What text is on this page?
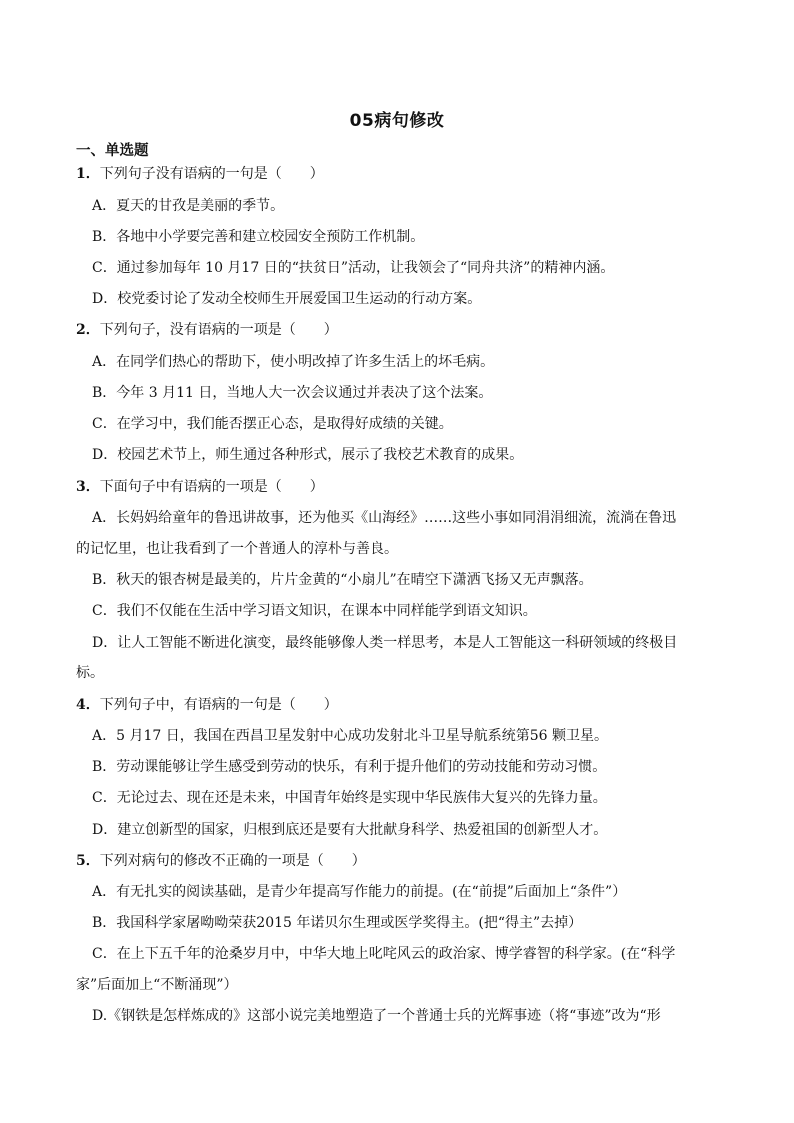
05病句修改
一、单选题
1．下列句子没有语病的一句是（　　）
A．夏天的甘孜是美丽的季节。
B．各地中小学要完善和建立校园安全预防工作机制。
C．通过参加每年 10 月17 日的“扶贫日”活动，让我领会了“同舟共济”的精神内涵。
D．校党委讨论了发动全校师生开展爱国卫生运动的行动方案。
2．下列句子，没有语病的一项是（　　）
A．在同学们热心的帮助下，使小明改掉了许多生活上的坏毛病。
B．今年 3 月11 日，当地人大一次会议通过并表决了这个法案。
C．在学习中，我们能否摆正心态，是取得好成绩的关键。
D．校园艺术节上，师生通过各种形式，展示了我校艺术教育的成果。
3．下面句子中有语病的一项是（　　）
A．长妈妈给童年的鲁迅讲故事，还为他买《山海经》……这些小事如同涓涓细流，流淌在鲁迅
的记忆里，也让我看到了一个普通人的淳朴与善良。
B．秋天的银杏树是最美的，片片金黄的“小扇儿”在晴空下潇洒飞扬又无声飘落。
C．我们不仅能在生活中学习语文知识，在课本中同样能学到语文知识。
D．让人工智能不断进化演变，最终能够像人类一样思考，本是人工智能这一科研领域的终极目
标。
4．下列句子中，有语病的一句是（　　）
A．5 月17 日，我国在西昌卫星发射中心成功发射北斗卫星导航系统第56 颗卫星。
B．劳动课能够让学生感受到劳动的快乐，有利于提升他们的劳动技能和劳动习惯。
C．无论过去、现在还是未来，中国青年始终是实现中华民族伟大复兴的先锋力量。
D．建立创新型的国家，归根到底还是要有大批献身科学、热爱祖国的创新型人才。
5．下列对病句的修改不正确的一项是（　　）
A．有无扎实的阅读基础，是青少年提高写作能力的前提。(在“前提”后面加上“条件”）
B．我国科学家屠呦呦荣获2015 年诺贝尔生理或医学奖得主。(把“得主”去掉）
C．在上下五千年的沧桑岁月中，中华大地上叱咤风云的政治家、博学睿智的科学家。(在“科学
家”后面加上“不断涌现”）
D.《钢铁是怎样炼成的》这部小说完美地塑造了一个普通士兵的光辉事迹（将“事迹”改为“形
